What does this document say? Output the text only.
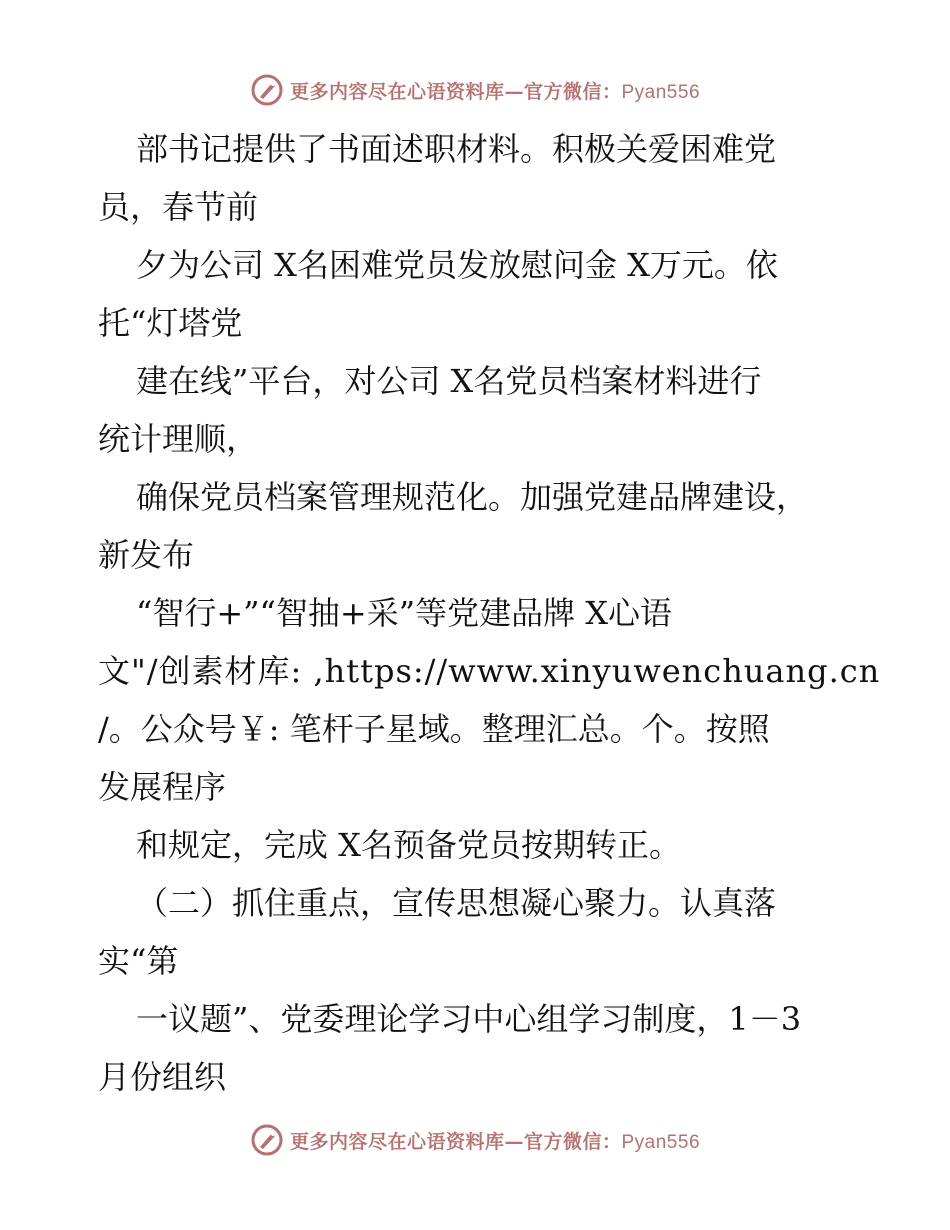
更多内容尽在心语资料库—官方微信：Pyan556
部书记提供了书面述职材料。积极关爱困难党
员，春节前
夕为公司 X名困难党员发放慰问金 X万元。依
托“灯塔党
建在线”平台，对公司 X名党员档案材料进行
统计理顺，
确保党员档案管理规范化。加强党建品牌建设，
新发布
“智行+”“智抽+采”等党建品牌 X心语
文"/创素材库: ,https://www.xinyuwenchuang.cn
/。公众号￥: 笔杆子星域。整理汇总。个。按照
发展程序
和规定，完成 X名预备党员按期转正。
（二）抓住重点，宣传思想凝心聚力。认真落
实“第
一议题”、党委理论学习中心组学习制度，1－3
月份组织
更多内容尽在心语资料库—官方微信：Pyan556
